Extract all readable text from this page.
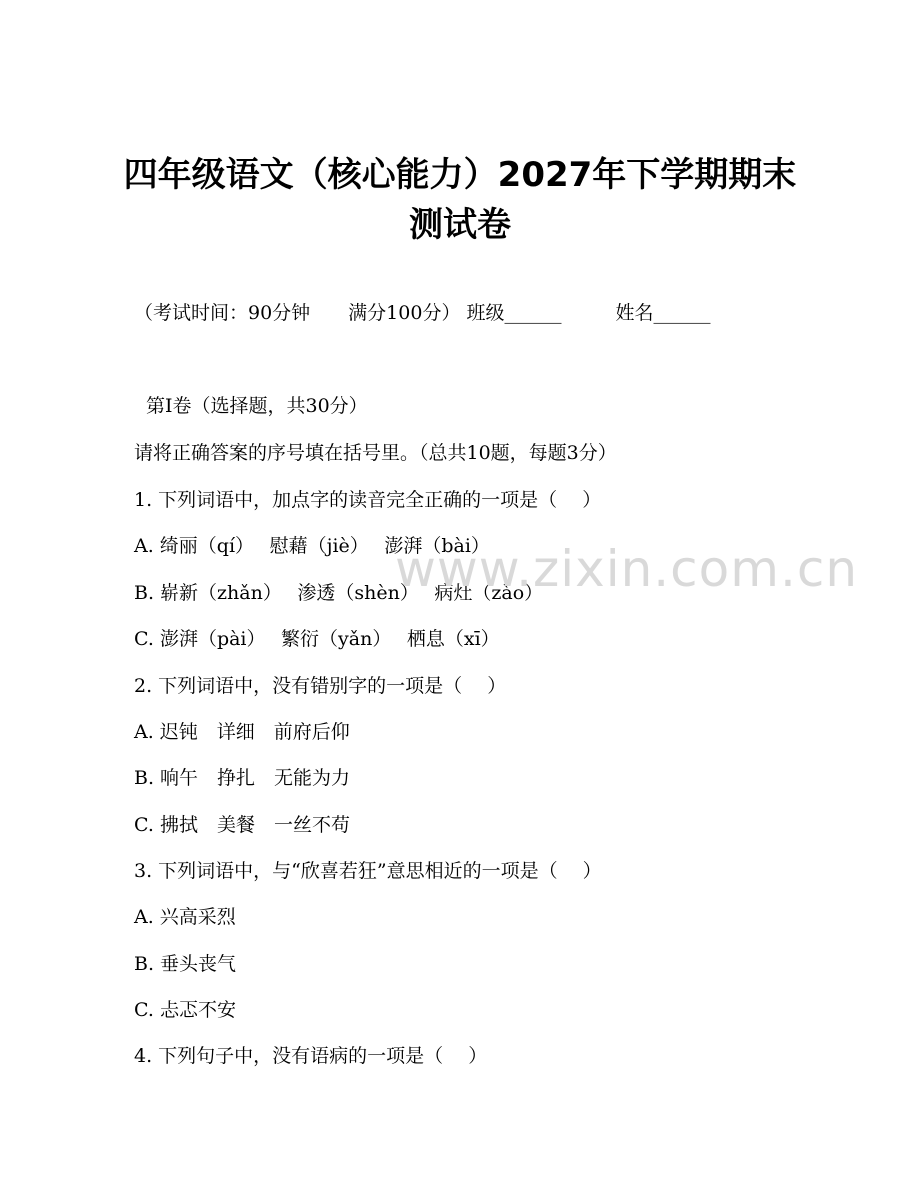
四年级语文（核心能力）2027年下学期期末
测试卷
（考试时间：90分钟　　满分100分） 班级______	姓名______
第Ⅰ卷（选择题，共30分）
请将正确答案的序号填在括号里。（总共10题，每题3分）
1. 下列词语中，加点字的读音完全正确的一项是（　 ）
A. 绮丽（qí）　 慰藉（jiè）　 澎湃（bài）
B. 崭新（zhǎn）　 渗透（shèn）　 病灶（zào）
C. 澎湃（pài）　 繁衍（yǎn）　 栖息（xī）
2. 下列词语中，没有错别字的一项是（　 ）
A. 迟钝　详细　前府后仰
B. 响午　挣扎　无能为力
C. 拂拭　美餐　一丝不苟
3. 下列词语中，与“欣喜若狂”意思相近的一项是（　 ）
A. 兴高采烈
B. 垂头丧气
C. 忐忑不安
4. 下列句子中，没有语病的一项是（　 ）
www.zixin.com.cn
